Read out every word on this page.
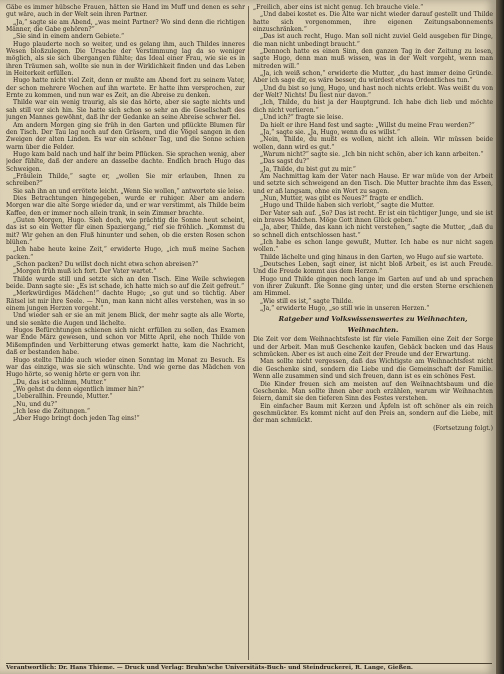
Gäbe es immer hübsche Frauen, hätten sie Hand im Muff und denen es sehr gut wäre, auch in der Welt sein ihren Partner.

„Ja,“ sagte sie am Abend, „was meint Partner? Wo sind denn die richtigen Männer, die Gabe gehören?“

„Sie sind in einem andern Gebiete.“

Hugo plauderte noch so weiter, und es gelang ihm, auch Thildes inneres Wesen bloßzulegen. Die Ursache der Verstimmung lag da so weniger möglich, als sie sich übergangen fühlte; das Ideal einer Frau, wie sie es in ihren Träumen sah, wollte sie nun in der Wirklichkeit finden und das Leben in Heiterkeit erfüllen.

Hugo hatte nicht viel Zeit, denn er mußte am Abend fort zu seinem Vater, der schon mehrere Wochen auf ihn wartete. Er hatte ihm versprochen, zur Ernte zu kommen, und nun war es Zeit, an die Abreise zu denken.

Thilde war ein wenig traurig, als sie das hörte, aber sie sagte nichts und sah still vor sich hin. Sie hatte sich schon so sehr an die Gesellschaft des jungen Mannes gewöhnt, daß ihr der Gedanke an seine Abreise schwer fiel.

Am andern Morgen ging sie früh in den Garten und pflückte Blumen für den Tisch. Der Tau lag noch auf den Gräsern, und die Vögel sangen in den Zweigen der alten Linden. Es war ein schöner Tag, und die Sonne schien warm über die Felder.

Hugo kam bald nach und half ihr beim Pflücken. Sie sprachen wenig, aber jeder fühlte, daß der andere an dasselbe dachte. Endlich brach Hugo das Schweigen.

„Fräulein Thilde,“ sagte er, „wollen Sie mir erlauben, Ihnen zu schreiben?“

Sie sah ihn an und errötete leicht. „Wenn Sie wollen,“ antwortete sie leise.

Dies Betrachtungen hingegeben, wurde er ruhiger. Aber am andern Morgen war die alte Sorge wieder da, und er war verstimmt, als Thilde beim Kaffee, den er immer noch allein trank, in sein Zimmer brachte.

„Guten Morgen, Hugo. Sieh doch, wie prächtig die Sonne heut scheint, das ist so ein Wetter für einen Spaziergang,“ rief sie fröhlich. „Kommst du mit? Wir gehen an den Fluß hinunter und sehen, ob die ersten Rosen schon blühen.“

„Ich habe heute keine Zeit,“ erwiderte Hugo, „ich muß meine Sachen packen.“

„Schon packen? Du willst doch nicht etwa schon abreisen?“

„Morgen früh muß ich fort. Der Vater wartet.“

Thilde wurde still und setzte sich an den Tisch. Eine Weile schwiegen beide. Dann sagte sie: „Es ist schade, ich hatte mich so auf die Zeit gefreut.“

„Merkwürdiges Mädchen!“ dachte Hugo; „so gut und so tüchtig. Aber Rätsel ist mir ihre Seele. — Nun, man kann nicht alles verstehen, was in so einem jungen Herzen vorgeht.“

Und wieder sah er sie an mit jenem Blick, der mehr sagte als alle Worte, und sie senkte die Augen und lächelte.

Hugos Befürchtungen schienen sich nicht erfüllen zu sollen, das Examen war Ende März gewesen, und schon vor Mitte April, ehe noch Thilde von Mißempfinden und Verbitterung etwas gemerkt hatte, kam die Nachricht, daß er bestanden habe.

Hugo stellte Thilde auch wieder einen Sonntag im Monat zu Besuch. Es war das einzige, was sie sich wünschte. Und wie gerne das Mädchen von Hugo hörte, so wenig hörte er gern von ihr.

„Du, das ist schlimm, Mutter.“

„Wo gehst du denn eigentlich immer hin?“

„Ueberallhin. Freunde, Mutter.“

„Nu, und du?“

„Ich lese die Zeitungen.“

„Aber Hugo bringt doch jeden Tag eins!“

„Freilich, aber eins ist nicht genug. Ich brauche viele.“

„Und dabei kostet es. Die Alte war nicht wieder darauf gestellt und Thilde hatte sich vorgenommen, ihre eigenen Zeitungsabonnements einzuschränken.“

„Das ist auch recht, Hugo. Man soll nicht zuviel Geld ausgeben für Dinge, die man nicht unbedingt braucht.“

„Dennoch hatte es einen Sinn, den ganzen Tag in der Zeitung zu lesen, sagte Hugo, denn man muß wissen, was in der Welt vorgeht, wenn man mitreden will.“

„Ja, ich weiß schon,“ erwiderte die Mutter, „du hast immer deine Gründe. Aber ich sage dir, es wäre besser, du würdest etwas Ordentliches tun.“

„Und du bist so jung, Hugo, und hast noch nichts erlebt. Was weißt du von der Welt? Nichts! Du liest nur davon.“

„Ich, Thilde, du bist ja der Hauptgrund. Ich habe dich lieb und möchte dich nicht verlieren.“

„Und ich?“ fragte sie leise.

Da hielt er ihre Hand fest und sagte: „Willst du meine Frau werden?“

„Ja,“ sagte sie. „Ja, Hugo, wenn du es willst.“

„Nein, Thilde, du mußt es wollen, nicht ich allein. Wir müssen beide wollen, dann wird es gut.“

„Warum nicht?“ sagte sie. „Ich bin nicht schön, aber ich kann arbeiten.“

„Das sagst du?“

„Ja, Thilde, du bist gut zu mir.“

Am Nachmittag kam der Vater nach Hause. Er war müde von der Arbeit und setzte sich schweigend an den Tisch. Die Mutter brachte ihm das Essen, und er aß langsam, ohne ein Wort zu sagen.

„Nun, Mutter, was gibt es Neues?“ fragte er endlich.

„Hugo und Thilde haben sich verlobt,“ sagte die Mutter.

Der Vater sah auf. „So? Das ist recht. Er ist ein tüchtiger Junge, und sie ist ein braves Mädchen. Möge Gott ihnen Glück geben.“

„Ja, aber, Thilde, das kann ich nicht verstehen,“ sagte die Mutter, „daß du so schnell dich entschlossen hast.“

„Ich habe es schon lange gewußt, Mutter. Ich habe es nur nicht sagen wollen.“

Thilde lächelte und ging hinaus in den Garten, wo Hugo auf sie wartete.

„Deutsches Leben, sagt einer, ist nicht bloß Arbeit, es ist auch Freude. Und die Freude kommt aus dem Herzen.“

Hugo und Thilde gingen noch lange im Garten auf und ab und sprachen von ihrer Zukunft. Die Sonne ging unter, und die ersten Sterne erschienen am Himmel.

„Wie still es ist,“ sagte Thilde.

„Ja,“ erwiderte Hugo, „so still wie in unseren Herzen.“

Ratgeber und Volkswissenswertes zu Weihnachten,
Weihnachten.

Die Zeit vor dem Weihnachtsfeste ist für viele Familien eine Zeit der Sorge und der Arbeit. Man muß Geschenke kaufen, Gebäck backen und das Haus schmücken. Aber es ist auch eine Zeit der Freude und der Erwartung.

Man sollte nicht vergessen, daß das Wichtigste am Weihnachtsfest nicht die Geschenke sind, sondern die Liebe und die Gemeinschaft der Familie. Wenn alle zusammen sind und sich freuen, dann ist es ein schönes Fest.

Die Kinder freuen sich am meisten auf den Weihnachtsbaum und die Geschenke. Man sollte ihnen aber auch erzählen, warum wir Weihnachten feiern, damit sie den tieferen Sinn des Festes verstehen.

Ein einfacher Baum mit Kerzen und Äpfeln ist oft schöner als ein reich geschmückter. Es kommt nicht auf den Preis an, sondern auf die Liebe, mit der man schmückt.

(Fortsetzung folgt.)

Verantwortlich: Dr. Hans Thieme. — Druck und Verlag: Bruhn'sche Universitäts-Buch- und Steindruckerei, R. Lange, Gießen.
